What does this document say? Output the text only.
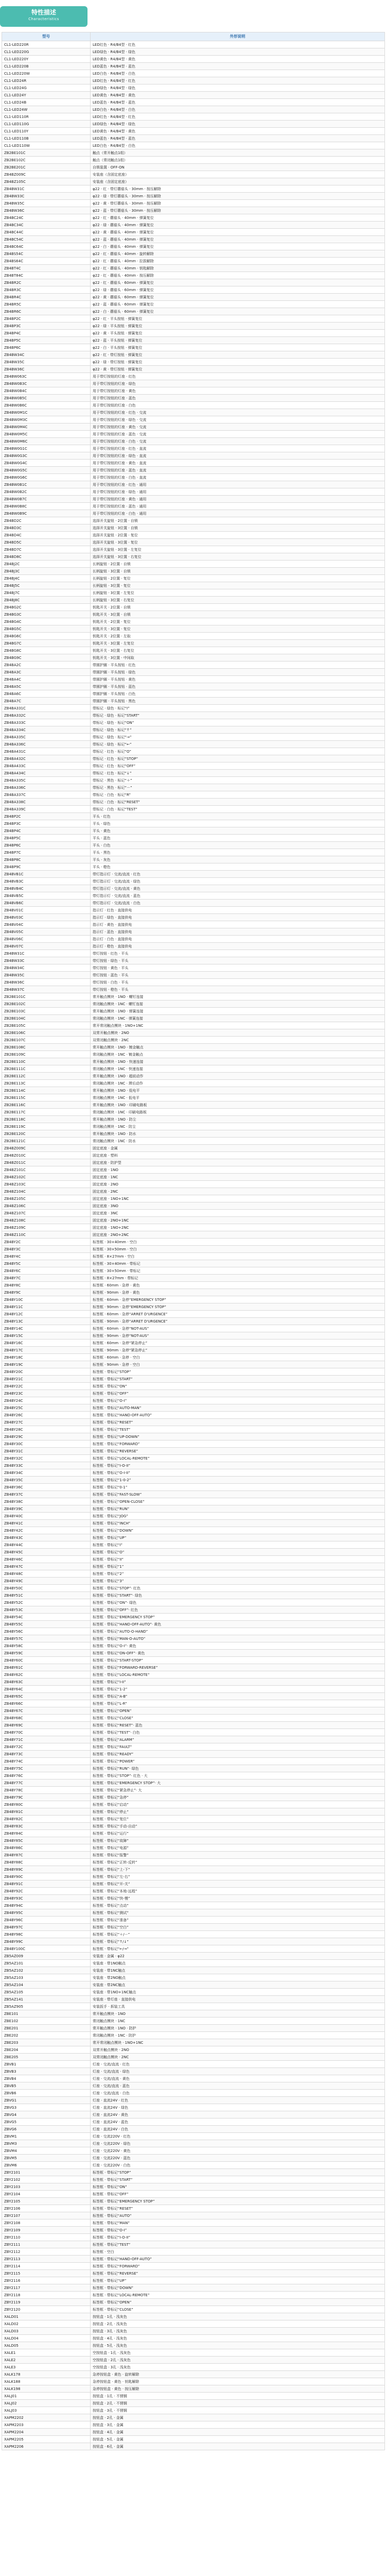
特性描述
Characteristics
型号	外形说明
CL1-LED220R	LED红色 · R4/B4型 · 红色
CL1-LED220G	LED绿色 · R4/B4型 · 绿色
CL1-LED220Y	LED黄色 · R4/B4型 · 黄色
CL1-LED220B	LED蓝色 · R4/B4型 · 蓝色
CL1-LED220W	LED白色 · R4/B4型 · 白色
CL1-LED24R	LED红色 · R4/B4型 · 红色
CL1-LED24G	LED绿色 · R4/B4型 · 绿色
CL1-LED24Y	LED黄色 · R4/B4型 · 黄色
CL1-LED24B	LED蓝色 · R4/B4型 · 蓝色
CL1-LED24W	LED白色 · R4/B4型 · 白色
CL1-LED110R	LED红色 · R4/B4型 · 红色
CL1-LED110G	LED绿色 · R4/B4型 · 绿色
CL1-LED110Y	LED黄色 · R4/B4型 · 黄色
CL1-LED110B	LED蓝色 · R4/B4型 · 蓝色
CL1-LED110W	LED白色 · R4/B4型 · 白色
ZB2BE101C	触点（常开触点1组）
ZB2BE102C	触点（常闭触点1组）
ZB2BE201C	自锁装置 · OFF-ON
ZB4BZ009C	安装座（含固定底座）
ZB4BZ105C	安装座（含固定底座）
ZB4BW31C	φ22 · 红 · 带灯蘑菇头 · 30mm · 按压解除
ZB4BW33C	φ22 · 绿 · 带灯蘑菇头 · 30mm · 按压解除
ZB4BW35C	φ22 · 黄 · 带灯蘑菇头 · 30mm · 按压解除
ZB4BW36C	φ22 · 蓝 · 带灯蘑菇头 · 30mm · 按压解除
ZB4BC24C	φ22 · 红 · 蘑菇头 · 40mm · 弹簧复位
ZB4BC34C	φ22 · 绿 · 蘑菇头 · 40mm · 弹簧复位
ZB4BC44C	φ22 · 黄 · 蘑菇头 · 40mm · 弹簧复位
ZB4BC54C	φ22 · 蓝 · 蘑菇头 · 40mm · 弹簧复位
ZB4BC64C	φ22 · 白 · 蘑菇头 · 40mm · 弹簧复位
ZB4BS54C	φ22 · 红 · 蘑菇头 · 40mm · 旋转解除
ZB4BS64C	φ22 · 红 · 蘑菇头 · 40mm · 拉拔解除
ZB4BT4C	φ22 · 红 · 蘑菇头 · 40mm · 钥匙解除
ZB4BT84C	φ22 · 红 · 蘑菇头 · 40mm · 按压解除
ZB4BR2C	φ22 · 红 · 蘑菇头 · 60mm · 弹簧复位
ZB4BR3C	φ22 · 绿 · 蘑菇头 · 60mm · 弹簧复位
ZB4BR4C	φ22 · 黄 · 蘑菇头 · 60mm · 弹簧复位
ZB4BR5C	φ22 · 蓝 · 蘑菇头 · 60mm · 弹簧复位
ZB4BR6C	φ22 · 白 · 蘑菇头 · 60mm · 弹簧复位
ZB4BP2C	φ22 · 红 · 平头按钮 · 弹簧复位
ZB4BP3C	φ22 · 绿 · 平头按钮 · 弹簧复位
ZB4BP4C	φ22 · 黄 · 平头按钮 · 弹簧复位
ZB4BP5C	φ22 · 蓝 · 平头按钮 · 弹簧复位
ZB4BP6C	φ22 · 白 · 平头按钮 · 弹簧复位
ZB4BW34C	φ22 · 红 · 带灯按钮 · 弹簧复位
ZB4BW35C	φ22 · 绿 · 带灯按钮 · 弹簧复位
ZB4BW36C	φ22 · 黄 · 带灯按钮 · 弹簧复位
ZB4BW063C	用于带灯按钮的灯座 · 红色
ZB4BW0B3C	用于带灯按钮的灯座 · 绿色
ZB4BW0B4C	用于带灯按钮的灯座 · 黄色
ZB4BW0B5C	用于带灯按钮的灯座 · 蓝色
ZB4BW0B6C	用于带灯按钮的灯座 · 白色
ZB4BW0M1C	用于带灯按钮的灯座 · 红色 · 交流
ZB4BW0M3C	用于带灯按钮的灯座 · 绿色 · 交流
ZB4BW0M4C	用于带灯按钮的灯座 · 黄色 · 交流
ZB4BW0M5C	用于带灯按钮的灯座 · 蓝色 · 交流
ZB4BW0M6C	用于带灯按钮的灯座 · 白色 · 交流
ZB4BW0G1C	用于带灯按钮的灯座 · 红色 · 直流
ZB4BW0G3C	用于带灯按钮的灯座 · 绿色 · 直流
ZB4BW0G4C	用于带灯按钮的灯座 · 黄色 · 直流
ZB4BW0G5C	用于带灯按钮的灯座 · 蓝色 · 直流
ZB4BW0G6C	用于带灯按钮的灯座 · 白色 · 直流
ZB4BW0B1C	用于带灯按钮的灯座 · 红色 · 通用
ZB4BW0B2C	用于带灯按钮的灯座 · 绿色 · 通用
ZB4BW0B7C	用于带灯按钮的灯座 · 黄色 · 通用
ZB4BW0B8C	用于带灯按钮的灯座 · 蓝色 · 通用
ZB4BW0B9C	用于带灯按钮的灯座 · 白色 · 通用
ZB4BD2C	选择开关旋钮 · 2位置 · 自锁
ZB4BD3C	选择开关旋钮 · 3位置 · 自锁
ZB4BD4C	选择开关旋钮 · 2位置 · 复位
ZB4BD5C	选择开关旋钮 · 3位置 · 复位
ZB4BD7C	选择开关旋钮 · 3位置 · 左复位
ZB4BD8C	选择开关旋钮 · 3位置 · 右复位
ZB4BJ2C	长柄旋钮 · 2位置 · 自锁
ZB4BJ3C	长柄旋钮 · 3位置 · 自锁
ZB4BJ4C	长柄旋钮 · 2位置 · 复位
ZB4BJ5C	长柄旋钮 · 3位置 · 复位
ZB4BJ7C	长柄旋钮 · 3位置 · 左复位
ZB4BJ8C	长柄旋钮 · 3位置 · 右复位
ZB4BG2C	钥匙开关 · 2位置 · 自锁
ZB4BG3C	钥匙开关 · 3位置 · 自锁
ZB4BG4C	钥匙开关 · 2位置 · 复位
ZB4BG5C	钥匙开关 · 3位置 · 复位
ZB4BG6C	钥匙开关 · 2位置 · 左取
ZB4BG7C	钥匙开关 · 3位置 · 左复位
ZB4BG8C	钥匙开关 · 3位置 · 右复位
ZB4BG9C	钥匙开关 · 3位置 · 中间取
ZB4BA2C	带圆护圈 · 平头按钮 · 红色
ZB4BA3C	带圆护圈 · 平头按钮 · 绿色
ZB4BA4C	带圆护圈 · 平头按钮 · 黄色
ZB4BA5C	带圆护圈 · 平头按钮 · 蓝色
ZB4BA6C	带圆护圈 · 平头按钮 · 白色
ZB4BA7C	带圆护圈 · 平头按钮 · 黑色
ZB4BA331C	带标记 · 绿色 · 标记“I”
ZB4BA332C	带标记 · 绿色 · 标记“START”
ZB4BA333C	带标记 · 绿色 · 标记“ON”
ZB4BA334C	带标记 · 绿色 · 标记“↑”
ZB4BA335C	带标记 · 绿色 · 标记“→”
ZB4BA336C	带标记 · 绿色 · 标记“←”
ZB4BA431C	带标记 · 红色 · 标记“O”
ZB4BA432C	带标记 · 红色 · 标记“STOP”
ZB4BA433C	带标记 · 红色 · 标记“OFF”
ZB4BA434C	带标记 · 红色 · 标记“↓”
ZB4BA335C	带标记 · 黑色 · 标记“＋”
ZB4BA336C	带标记 · 黑色 · 标记“－”
ZB4BA337C	带标记 · 白色 · 标记“R”
ZB4BA338C	带标记 · 白色 · 标记“RESET”
ZB4BA339C	带标记 · 白色 · 标记“TEST”
ZB4BP2C	平头 · 红色
ZB4BP3C	平头 · 绿色
ZB4BP4C	平头 · 黄色
ZB4BP5C	平头 · 蓝色
ZB4BP6C	平头 · 白色
ZB4BP7C	平头 · 黑色
ZB4BP8C	平头 · 灰色
ZB4BP9C	平头 · 橙色
ZB4BVB1C	带灯指示灯 · 交流/直流 · 红色
ZB4BVB3C	带灯指示灯 · 交流/直流 · 绿色
ZB4BVB4C	带灯指示灯 · 交流/直流 · 黄色
ZB4BVB5C	带灯指示灯 · 交流/直流 · 蓝色
ZB4BVB6C	带灯指示灯 · 交流/直流 · 白色
ZB4BV01C	指示灯 · 红色 · 直接供电
ZB4BV03C	指示灯 · 绿色 · 直接供电
ZB4BV04C	指示灯 · 黄色 · 直接供电
ZB4BV05C	指示灯 · 蓝色 · 直接供电
ZB4BV06C	指示灯 · 白色 · 直接供电
ZB4BV07C	指示灯 · 橙色 · 直接供电
ZB4BW31C	带灯按钮 · 红色 · 平头
ZB4BW33C	带灯按钮 · 绿色 · 平头
ZB4BW34C	带灯按钮 · 黄色 · 平头
ZB4BW35C	带灯按钮 · 蓝色 · 平头
ZB4BW36C	带灯按钮 · 白色 · 平头
ZB4BW37C	带灯按钮 · 橙色 · 平头
ZB2BE101C	常开触点模块 · 1NO · 螺钉连接
ZB2BE102C	常闭触点模块 · 1NC · 螺钉连接
ZB2BE103C	常开触点模块 · 1NO · 弹簧连接
ZB2BE104C	常闭触点模块 · 1NC · 弹簧连接
ZB2BE105C	常开常闭触点模块 · 1NO+1NC
ZB2BE106C	双常开触点模块 · 2NO
ZB2BE107C	双常闭触点模块 · 2NC
ZB2BE108C	常开触点模块 · 1NO · 镀金触点
ZB2BE109C	常闭触点模块 · 1NC · 镀金触点
ZB2BE110C	常开触点模块 · 1NO · 快速连接
ZB2BE111C	常闭触点模块 · 1NC · 快速连接
ZB2BE112C	常开触点模块 · 1NO · 超前动作
ZB2BE113C	常闭触点模块 · 1NC · 滞后动作
ZB2BE114C	常开触点模块 · 1NO · 低电平
ZB2BE115C	常闭触点模块 · 1NC · 低电平
ZB2BE116C	常开触点模块 · 1NO · 印刷电路板
ZB2BE117C	常闭触点模块 · 1NC · 印刷电路板
ZB2BE118C	常开触点模块 · 1NO · 防尘
ZB2BE119C	常闭触点模块 · 1NC · 防尘
ZB2BE120C	常开触点模块 · 1NO · 防水
ZB2BE121C	常闭触点模块 · 1NC · 防水
ZB4BZ009C	固定底座 · 金属
ZB4BZ010C	固定底座 · 塑料
ZB4BZ011C	固定底座 · 防护型
ZB4BZ101C	固定底座 · 1NO
ZB4BZ102C	固定底座 · 1NC
ZB4BZ103C	固定底座 · 2NO
ZB4BZ104C	固定底座 · 2NC
ZB4BZ105C	固定底座 · 1NO+1NC
ZB4BZ106C	固定底座 · 3NO
ZB4BZ107C	固定底座 · 3NC
ZB4BZ108C	固定底座 · 2NO+1NC
ZB4BZ109C	固定底座 · 1NO+2NC
ZB4BZ110C	固定底座 · 2NO+2NC
ZB4BY2C	标签框 · 30×40mm · 空白
ZB4BY3C	标签框 · 30×50mm · 空白
ZB4BY4C	标签框 · 8×27mm · 空白
ZB4BY5C	标签框 · 30×40mm · 带标记
ZB4BY6C	标签框 · 30×50mm · 带标记
ZB4BY7C	标签框 · 8×27mm · 带标记
ZB4BY8C	标签框 · 60mm · 急停 · 黄色
ZB4BY9C	标签框 · 90mm · 急停 · 黄色
ZB4BY10C	标签框 · 60mm · 急停“EMERGENCY STOP”
ZB4BY11C	标签框 · 90mm · 急停“EMERGENCY STOP”
ZB4BY12C	标签框 · 60mm · 急停“ARRET D'URGENCE”
ZB4BY13C	标签框 · 90mm · 急停“ARRET D'URGENCE”
ZB4BY14C	标签框 · 60mm · 急停“NOT-AUS”
ZB4BY15C	标签框 · 90mm · 急停“NOT-AUS”
ZB4BY16C	标签框 · 60mm · 急停“紧急停止”
ZB4BY17C	标签框 · 90mm · 急停“紧急停止”
ZB4BY18C	标签框 · 60mm · 急停 · 空白
ZB4BY19C	标签框 · 90mm · 急停 · 空白
ZB4BY20C	标签框 · 带标记“STOP”
ZB4BY21C	标签框 · 带标记“START”
ZB4BY22C	标签框 · 带标记“ON”
ZB4BY23C	标签框 · 带标记“OFF”
ZB4BY24C	标签框 · 带标记“O-I”
ZB4BY25C	标签框 · 带标记“AUTO-MAN”
ZB4BY26C	标签框 · 带标记“HAND-OFF-AUTO”
ZB4BY27C	标签框 · 带标记“RESET”
ZB4BY28C	标签框 · 带标记“TEST”
ZB4BY29C	标签框 · 带标记“UP-DOWN”
ZB4BY30C	标签框 · 带标记“FORWARD”
ZB4BY31C	标签框 · 带标记“REVERSE”
ZB4BY32C	标签框 · 带标记“LOCAL-REMOTE”
ZB4BY33C	标签框 · 带标记“I-O-II”
ZB4BY34C	标签框 · 带标记“O-I-II”
ZB4BY35C	标签框 · 带标记“1-0-2”
ZB4BY36C	标签框 · 带标记“0-1”
ZB4BY37C	标签框 · 带标记“FAST-SLOW”
ZB4BY38C	标签框 · 带标记“OPEN-CLOSE”
ZB4BY39C	标签框 · 带标记“RUN”
ZB4BY40C	标签框 · 带标记“JOG”
ZB4BY41C	标签框 · 带标记“INCH”
ZB4BY42C	标签框 · 带标记“DOWN”
ZB4BY43C	标签框 · 带标记“UP”
ZB4BY44C	标签框 · 带标记“I”
ZB4BY45C	标签框 · 带标记“O”
ZB4BY46C	标签框 · 带标记“II”
ZB4BY47C	标签框 · 带标记“1”
ZB4BY48C	标签框 · 带标记“2”
ZB4BY49C	标签框 · 带标记“3”
ZB4BY50C	标签框 · 带标记“STOP”· 红色
ZB4BY51C	标签框 · 带标记“START”· 绿色
ZB4BY52C	标签框 · 带标记“ON”· 绿色
ZB4BY53C	标签框 · 带标记“OFF”· 红色
ZB4BY54C	标签框 · 带标记“EMERGENCY STOP”
ZB4BY55C	标签框 · 带标记“HAND-OFF-AUTO”· 黄色
ZB4BY56C	标签框 · 带标记“AUTO-O-HAND”
ZB4BY57C	标签框 · 带标记“MAN-O-AUTO”
ZB4BY58C	标签框 · 带标记“O-I”· 黄色
ZB4BY59C	标签框 · 带标记“ON-OFF”· 黄色
ZB4BY60C	标签框 · 带标记“START-STOP”
ZB4BY61C	标签框 · 带标记“FORWARD-REVERSE”
ZB4BY62C	标签框 · 带标记“LOCAL-REMOTE”
ZB4BY63C	标签框 · 带标记“I-II”
ZB4BY64C	标签框 · 带标记“1-2”
ZB4BY65C	标签框 · 带标记“A-B”
ZB4BY66C	标签框 · 带标记“L-R”
ZB4BY67C	标签框 · 带标记“OPEN”
ZB4BY68C	标签框 · 带标记“CLOSE”
ZB4BY69C	标签框 · 带标记“RESET”· 蓝色
ZB4BY70C	标签框 · 带标记“TEST”· 白色
ZB4BY71C	标签框 · 带标记“ALARM”
ZB4BY72C	标签框 · 带标记“FAULT”
ZB4BY73C	标签框 · 带标记“READY”
ZB4BY74C	标签框 · 带标记“POWER”
ZB4BY75C	标签框 · 带标记“RUN”· 绿色
ZB4BY76C	标签框 · 带标记“STOP”· 红色 · 大
ZB4BY77C	标签框 · 带标记“EMERGENCY STOP”· 大
ZB4BY78C	标签框 · 带标记“紧急停止”· 大
ZB4BY79C	标签框 · 带标记“急停”
ZB4BY80C	标签框 · 带标记“启动”
ZB4BY81C	标签框 · 带标记“停止”
ZB4BY82C	标签框 · 带标记“复位”
ZB4BY83C	标签框 · 带标记“手动-自动”
ZB4BY84C	标签框 · 带标记“运行”
ZB4BY85C	标签框 · 带标记“故障”
ZB4BY86C	标签框 · 带标记“电源”
ZB4BY87C	标签框 · 带标记“报警”
ZB4BY88C	标签框 · 带标记“正转-反转”
ZB4BY89C	标签框 · 带标记“上-下”
ZB4BY90C	标签框 · 带标记“左-右”
ZB4BY91C	标签框 · 带标记“开-关”
ZB4BY92C	标签框 · 带标记“本地-远程”
ZB4BY93C	标签框 · 带标记“快-慢”
ZB4BY94C	标签框 · 带标记“点动”
ZB4BY95C	标签框 · 带标记“测试”
ZB4BY96C	标签框 · 带标记“准备”
ZB4BY97C	标签框 · 带标记“空白”
ZB4BY98C	标签框 · 带标记“＋/－”
ZB4BY99C	标签框 · 带标记“↑/↓”
ZB4BY100C	标签框 · 带标记“←/→”
ZB5AZ009	安装座 · 金属 · φ22
ZB5AZ101	安装座 · 带1NO触点
ZB5AZ102	安装座 · 带1NC触点
ZB5AZ103	安装座 · 带2NO触点
ZB5AZ104	安装座 · 带2NC触点
ZB5AZ105	安装座 · 带1NO+1NC触点
ZB5AZ141	安装座 · 带灯座 · 直接供电
ZB5AZ905	安装扳手 · 拆装工具
ZBE101	常开触点模块 · 1NO
ZBE102	常闭触点模块 · 1NC
ZBE201	常开触点模块 · 1NO · 防护
ZBE202	常闭触点模块 · 1NC · 防护
ZBE203	常开常闭触点模块 · 1NO+1NC
ZBE204	双常开触点模块 · 2NO
ZBE205	双常闭触点模块 · 2NC
ZBVB1	灯座 · 交流/直流 · 红色
ZBVB3	灯座 · 交流/直流 · 绿色
ZBVB4	灯座 · 交流/直流 · 黄色
ZBVB5	灯座 · 交流/直流 · 蓝色
ZBVB6	灯座 · 交流/直流 · 白色
ZBVG1	灯座 · 直流24V · 红色
ZBVG3	灯座 · 直流24V · 绿色
ZBVG4	灯座 · 直流24V · 黄色
ZBVG5	灯座 · 直流24V · 蓝色
ZBVG6	灯座 · 直流24V · 白色
ZBVM1	灯座 · 交流220V · 红色
ZBVM3	灯座 · 交流220V · 绿色
ZBVM4	灯座 · 交流220V · 黄色
ZBVM5	灯座 · 交流220V · 蓝色
ZBVM6	灯座 · 交流220V · 白色
ZBY2101	标签框 · 带标记“STOP”
ZBY2102	标签框 · 带标记“START”
ZBY2103	标签框 · 带标记“ON”
ZBY2104	标签框 · 带标记“OFF”
ZBY2105	标签框 · 带标记“EMERGENCY STOP”
ZBY2106	标签框 · 带标记“RESET”
ZBY2107	标签框 · 带标记“AUTO”
ZBY2108	标签框 · 带标记“MAN”
ZBY2109	标签框 · 带标记“O-I”
ZBY2110	标签框 · 带标记“I-O-II”
ZBY2111	标签框 · 带标记“TEST”
ZBY2112	标签框 · 空白
ZBY2113	标签框 · 带标记“HAND-OFF-AUTO”
ZBY2114	标签框 · 带标记“FORWARD”
ZBY2115	标签框 · 带标记“REVERSE”
ZBY2116	标签框 · 带标记“UP”
ZBY2117	标签框 · 带标记“DOWN”
ZBY2118	标签框 · 带标记“LOCAL-REMOTE”
ZBY2119	标签框 · 带标记“OPEN”
ZBY2120	标签框 · 带标记“CLOSE”
XALD01	按钮盒 · 1孔 · 浅灰色
XALD02	按钮盒 · 2孔 · 浅灰色
XALD03	按钮盒 · 3孔 · 浅灰色
XALD04	按钮盒 · 4孔 · 浅灰色
XALD05	按钮盒 · 5孔 · 浅灰色
XALE1	空按钮盒 · 1孔 · 浅灰色
XALE2	空按钮盒 · 2孔 · 浅灰色
XALE3	空按钮盒 · 3孔 · 浅灰色
XALK178	急停按钮盒 · 黄色 · 旋转解除
XALK188	急停按钮盒 · 黄色 · 钥匙解除
XALK198	急停按钮盒 · 黄色 · 按压解除
XALJ01	按钮盒 · 1孔 · 不锈钢
XALJ02	按钮盒 · 2孔 · 不锈钢
XALJ03	按钮盒 · 3孔 · 不锈钢
XAPM2202	按钮盒 · 2孔 · 金属
XAPM2203	按钮盒 · 3孔 · 金属
XAPM2204	按钮盒 · 4孔 · 金属
XAPM2205	按钮盒 · 5孔 · 金属
XAPM2206	按钮盒 · 6孔 · 金属
